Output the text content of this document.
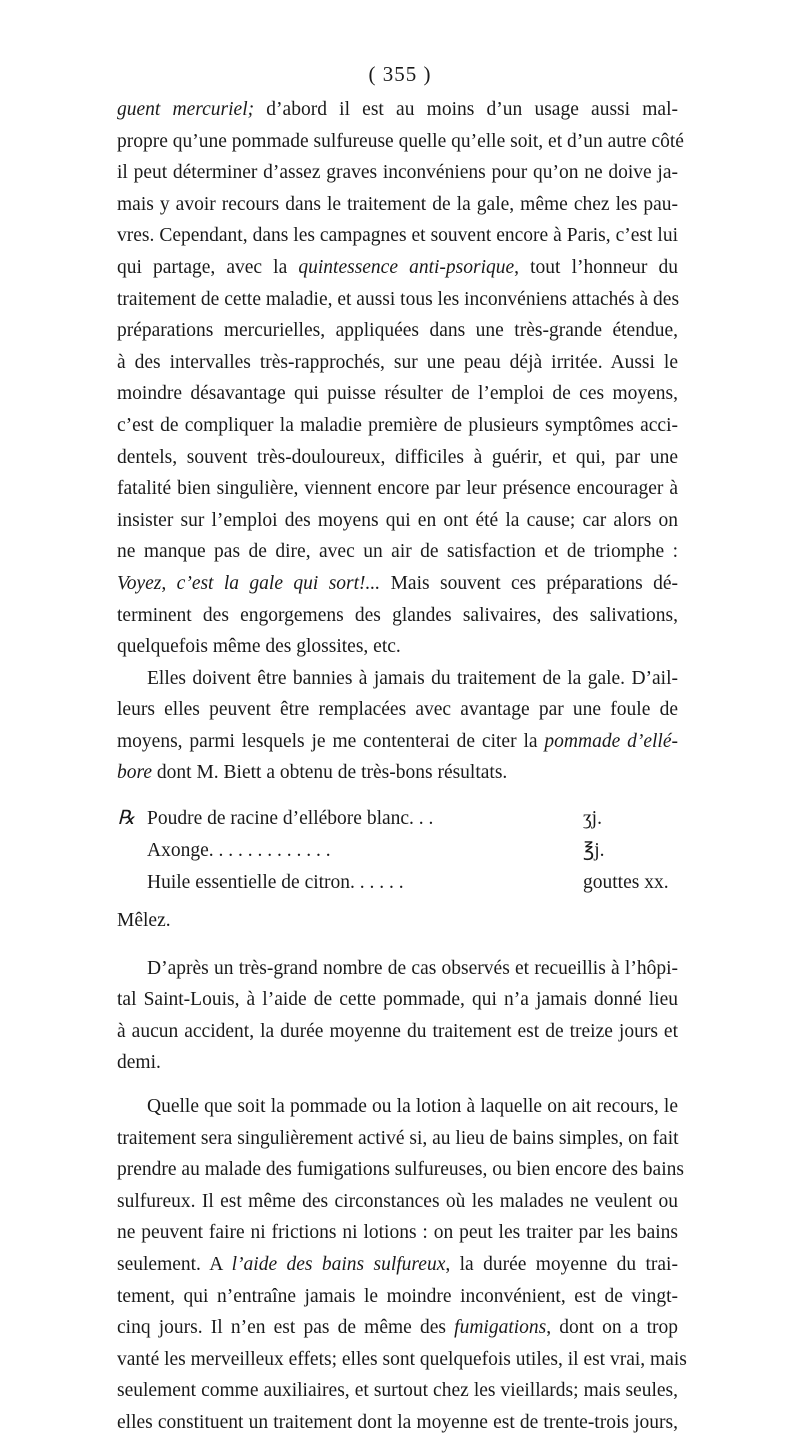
( 355 )
guent mercuriel; d’abord il est au moins d’un usage aussi mal-
propre qu’une pommade sulfureuse quelle qu’elle soit, et d’un autre côté
il peut déterminer d’assez graves inconvéniens pour qu’on ne doive ja-
mais y avoir recours dans le traitement de la gale, même chez les pau-
vres. Cependant, dans les campagnes et souvent encore à Paris, c’est lui
qui partage, avec la quintessence anti-psorique, tout l’honneur du
traitement de cette maladie, et aussi tous les inconvéniens attachés à des
préparations mercurielles, appliquées dans une très-grande étendue,
à des intervalles très-rapprochés, sur une peau déjà irritée. Aussi le
moindre désavantage qui puisse résulter de l’emploi de ces moyens,
c’est de compliquer la maladie première de plusieurs symptômes acci-
dentels, souvent très-douloureux, difficiles à guérir, et qui, par une
fatalité bien singulière, viennent encore par leur présence encourager à
insister sur l’emploi des moyens qui en ont été la cause; car alors on
ne manque pas de dire, avec un air de satisfaction et de triomphe :
Voyez, c’est la gale qui sort!... Mais souvent ces préparations dé-
terminent des engorgemens des glandes salivaires, des salivations,
quelquefois même des glossites, etc.
Elles doivent être bannies à jamais du traitement de la gale. D’ail-
leurs elles peuvent être remplacées avec avantage par une foule de
moyens, parmi lesquels je me contenterai de citer la pommade d’ellé-
bore dont M. Biett a obtenu de très-bons résultats.
℞ Poudre de racine d’ellébore blanc. . .	ʒj.
Axonge. . . . . . . . . . . . .	℥j.
Huile essentielle de citron. . . . . .	gouttes xx.
Mêlez.
D’après un très-grand nombre de cas observés et recueillis à l’hôpi-
tal Saint-Louis, à l’aide de cette pommade, qui n’a jamais donné lieu
à aucun accident, la durée moyenne du traitement est de treize jours et
demi.
Quelle que soit la pommade ou la lotion à laquelle on ait recours, le
traitement sera singulièrement activé si, au lieu de bains simples, on fait
prendre au malade des fumigations sulfureuses, ou bien encore des bains
sulfureux. Il est même des circonstances où les malades ne veulent ou
ne peuvent faire ni frictions ni lotions : on peut les traiter par les bains
seulement. A l’aide des bains sulfureux, la durée moyenne du trai-
tement, qui n’entraîne jamais le moindre inconvénient, est de vingt-
cinq jours. Il n’en est pas de même des fumigations, dont on a trop
vanté les merveilleux effets; elles sont quelquefois utiles, il est vrai, mais
seulement comme auxiliaires, et surtout chez les vieillards; mais seules,
elles constituent un traitement dont la moyenne est de trente-trois jours,
